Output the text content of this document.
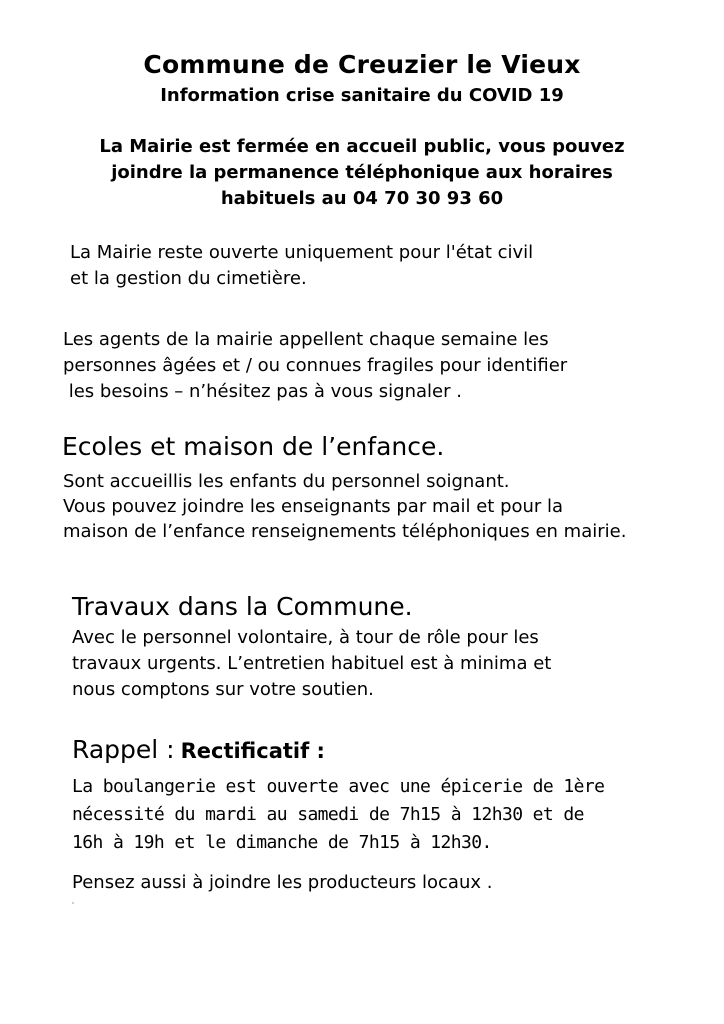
Commune de Creuzier le Vieux
Information crise sanitaire du COVID 19
La Mairie est fermée en accueil public, vous pouvez
joindre la permanence téléphonique aux horaires
habituels au 04 70 30 93 60
La Mairie reste ouverte uniquement pour l'état civil
et la gestion du cimetière.
Les agents de la mairie appellent chaque semaine les
personnes âgées et / ou connues fragiles pour identifier
les besoins – n’hésitez pas à vous signaler .
Ecoles et maison de l’enfance.
Sont accueillis les enfants du personnel soignant.
Vous pouvez joindre les enseignants par mail et pour la
maison de l’enfance renseignements téléphoniques en mairie.
Travaux dans la Commune.
Avec le personnel volontaire, à tour de rôle pour les
travaux urgents. L’entretien habituel est à minima et
nous comptons sur votre soutien.
Rappel : Rectificatif :
La boulangerie est ouverte avec une épicerie de 1ère
nécessité du mardi au samedi de 7h15 à 12h30 et de
16h à 19h et le dimanche de 7h15 à 12h30.
Pensez aussi à joindre les producteurs locaux .
